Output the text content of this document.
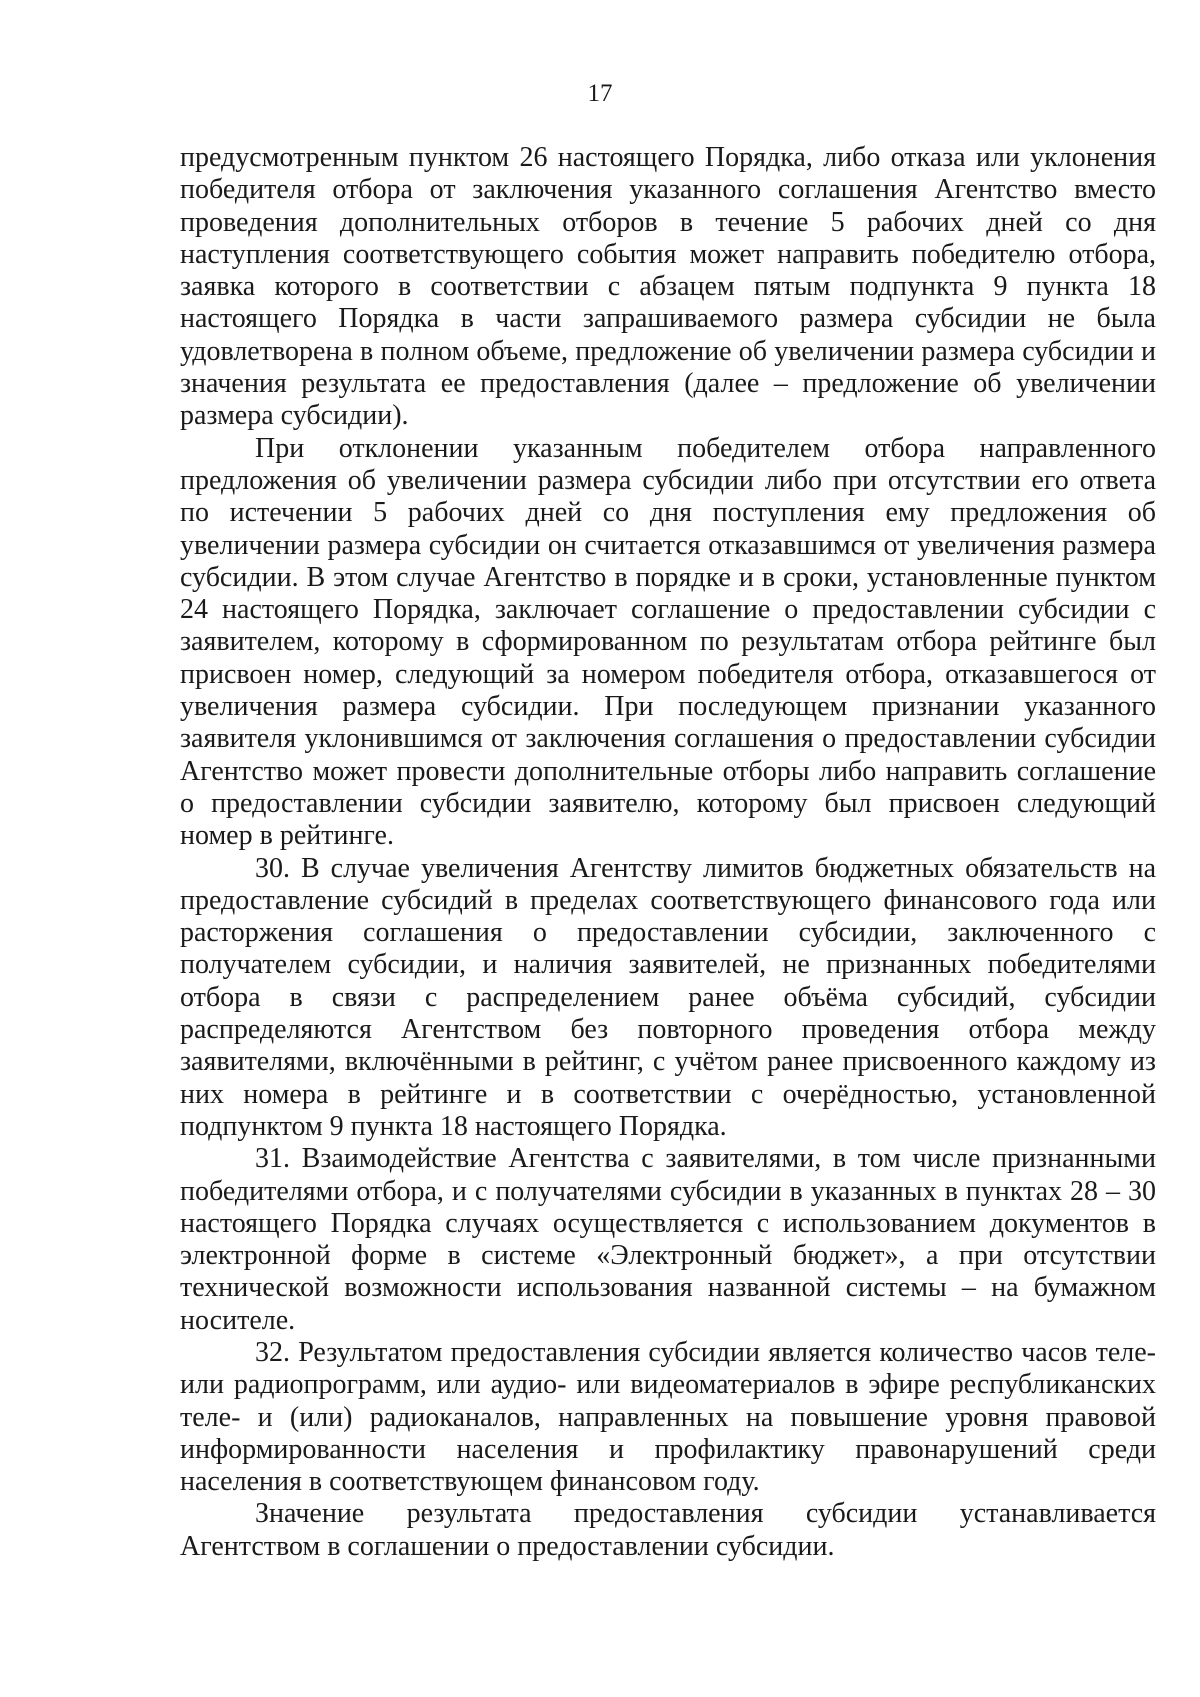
17

предусмотренным пунктом 26 настоящего Порядка, либо отказа или уклонения победителя отбора от заключения указанного соглашения Агентство вместо проведения дополнительных отборов в течение 5 рабочих дней со дня наступления соответствующего события может направить победителю отбора, заявка которого в соответствии с абзацем пятым подпункта 9 пункта 18 настоящего Порядка в части запрашиваемого размера субсидии не была удовлетворена в полном объеме, предложение об увеличении размера субсидии и значения результата ее предоставления (далее – предложение об увеличении размера субсидии).

При отклонении указанным победителем отбора направленного предложения об увеличении размера субсидии либо при отсутствии его ответа по истечении 5 рабочих дней со дня поступления ему предложения об увеличении размера субсидии он считается отказавшимся от увеличения размера субсидии. В этом случае Агентство в порядке и в сроки, установленные пунктом 24 настоящего Порядка, заключает соглашение о предоставлении субсидии с заявителем, которому в сформированном по результатам отбора рейтинге был присвоен номер, следующий за номером победителя отбора, отказавшегося от увеличения размера субсидии. При последующем признании указанного заявителя уклонившимся от заключения соглашения о предоставлении субсидии Агентство может провести дополнительные отборы либо направить соглашение о предоставлении субсидии заявителю, которому был присвоен следующий номер в рейтинге.

30. В случае увеличения Агентству лимитов бюджетных обязательств на предоставление субсидий в пределах соответствующего финансового года или расторжения соглашения о предоставлении субсидии, заключенного с получателем субсидии, и наличия заявителей, не признанных победителями отбора в связи с распределением ранее объёма субсидий, субсидии распределяются Агентством без повторного проведения отбора между заявителями, включёнными в рейтинг, с учётом ранее присвоенного каждому из них номера в рейтинге и в соответствии с очерёдностью, установленной подпунктом 9 пункта 18 настоящего Порядка.

31. Взаимодействие Агентства с заявителями, в том числе признанными победителями отбора, и с получателями субсидии в указанных в пунктах 28 – 30 настоящего Порядка случаях осуществляется с использованием документов в электронной форме в системе «Электронный бюджет», а при отсутствии технической возможности использования названной системы – на бумажном носителе.

32. Результатом предоставления субсидии является количество часов теле- или радиопрограмм, или аудио- или видеоматериалов в эфире республиканских теле- и (или) радиоканалов, направленных на повышение уровня правовой информированности населения и профилактику правонарушений среди населения в соответствующем финансовом году.

Значение результата предоставления субсидии устанавливается Агентством в соглашении о предоставлении субсидии.
